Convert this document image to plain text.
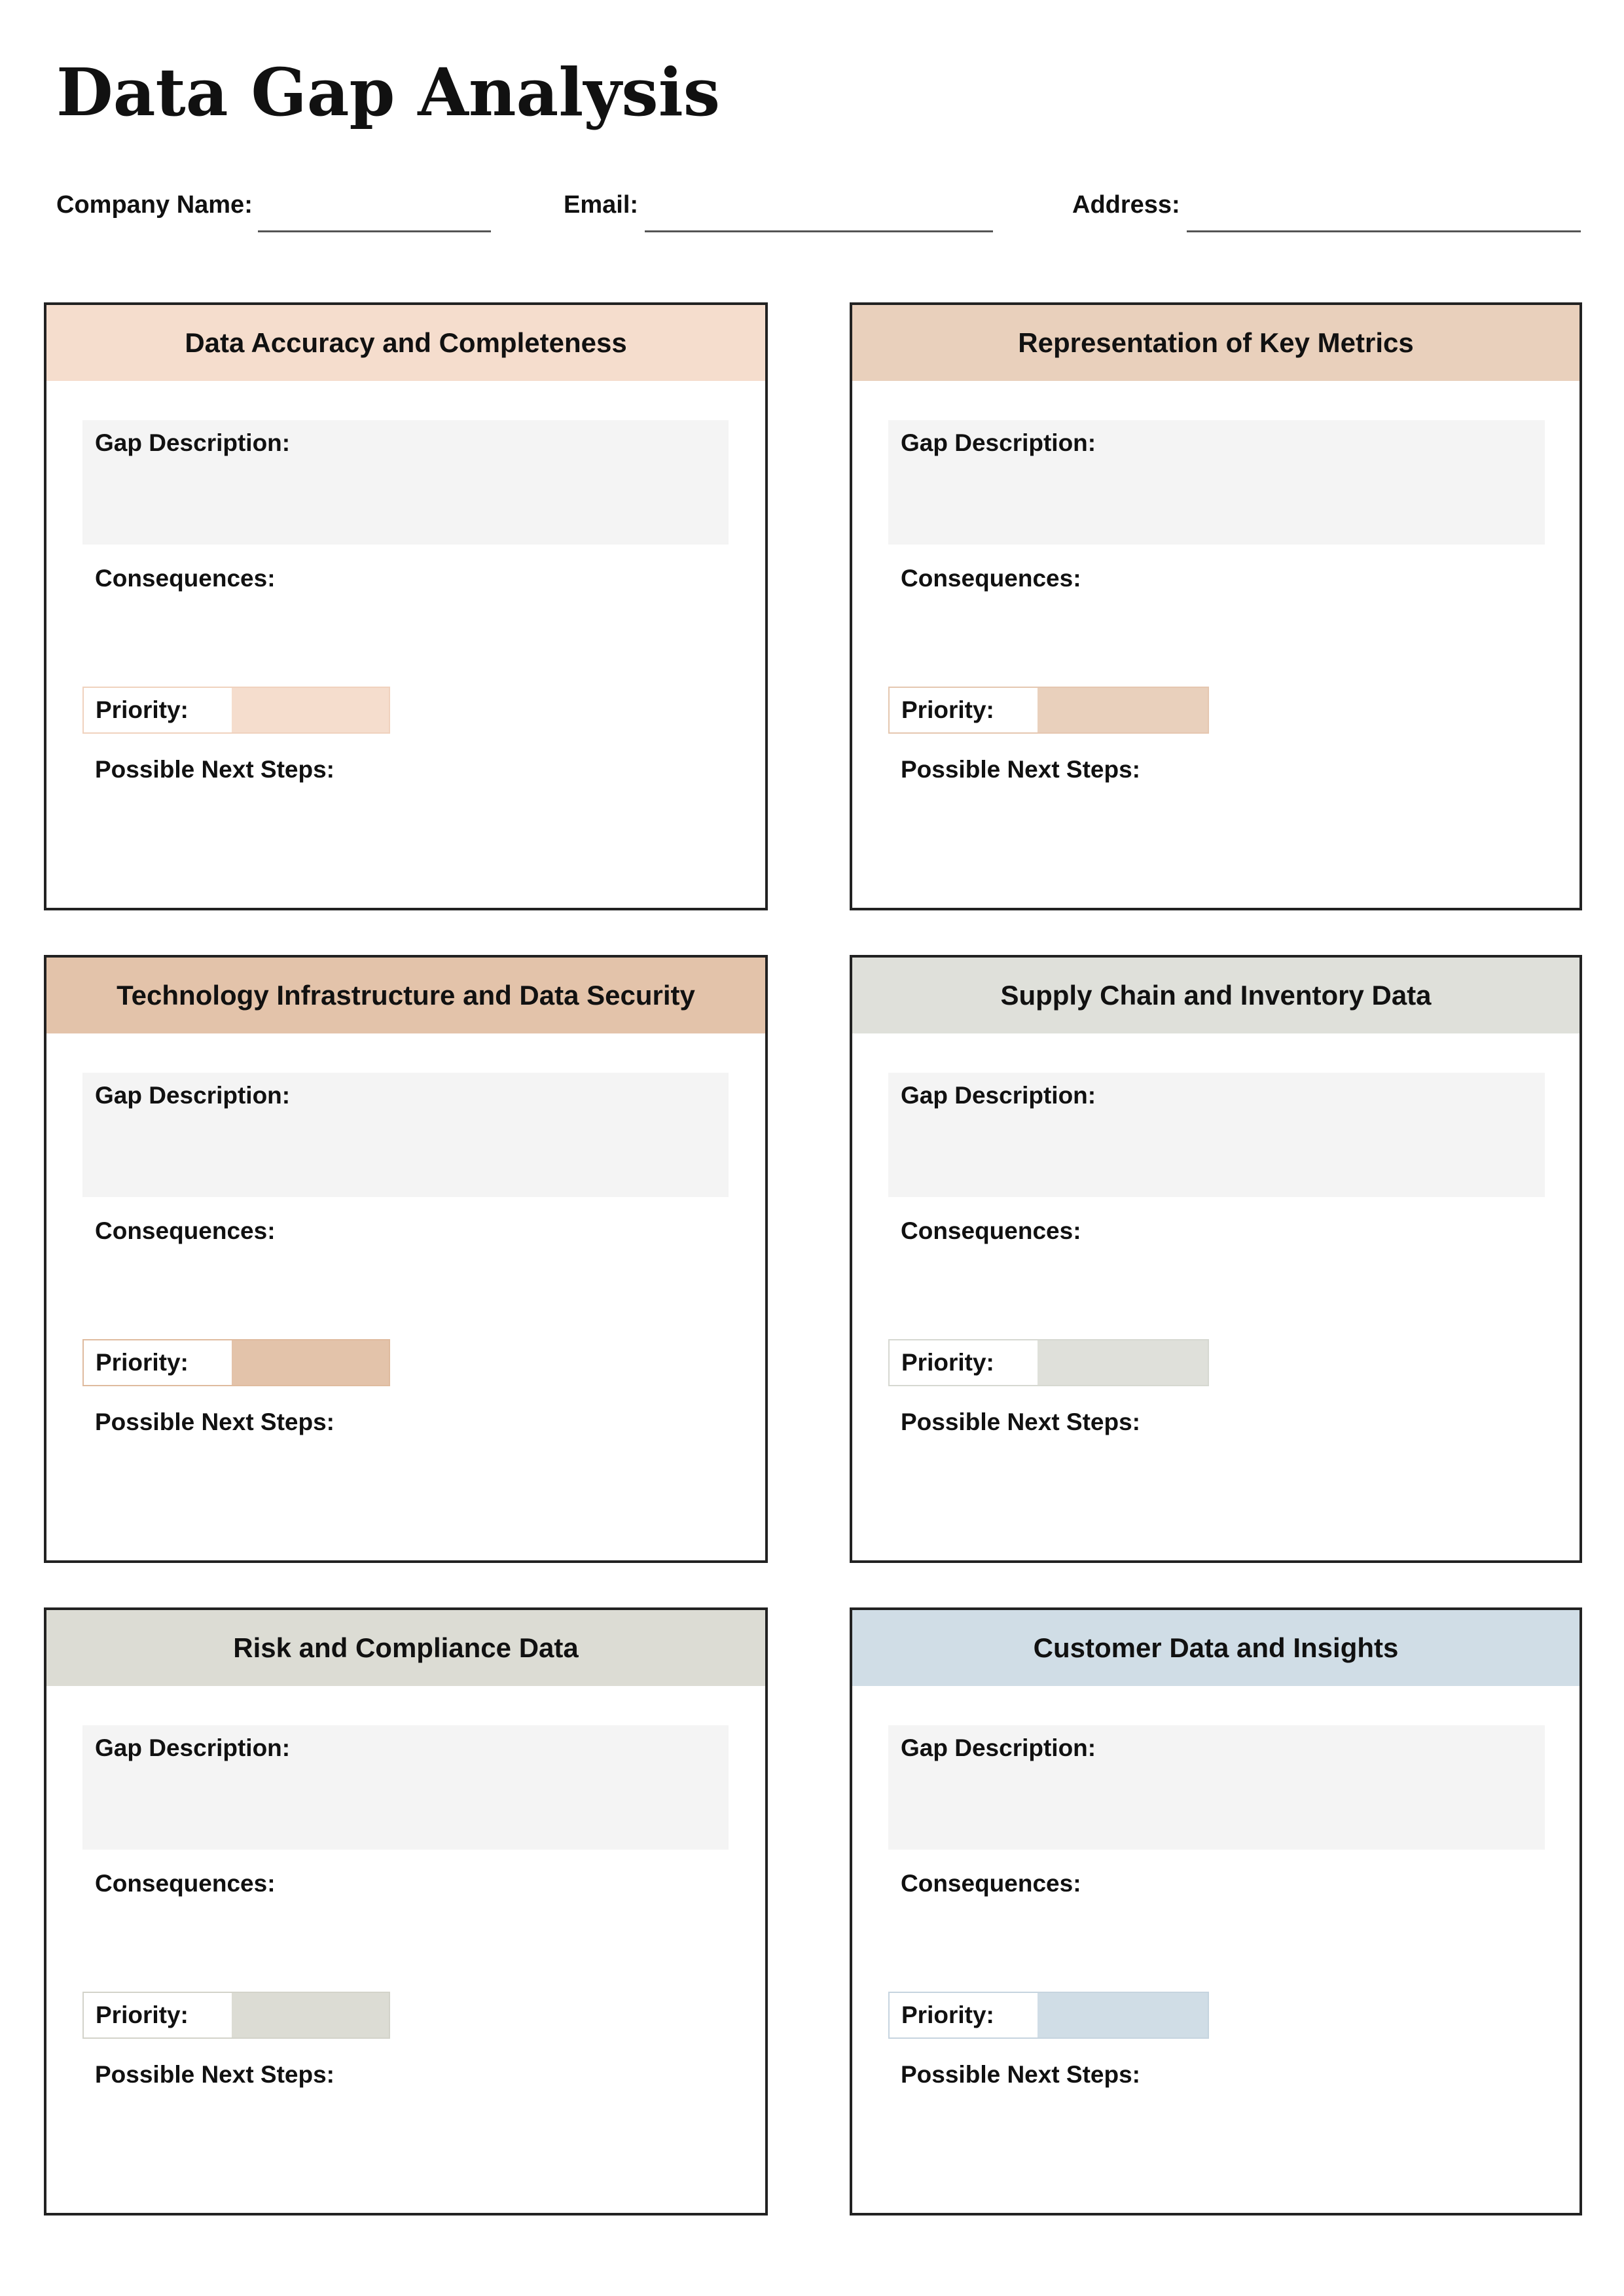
Data Gap Analysis
Company Name:	Email:	Address:
Data Accuracy and Completeness
Gap Description:
Consequences:
Priority:
Possible Next Steps:
Representation of Key Metrics
Gap Description:
Consequences:
Priority:
Possible Next Steps:
Technology Infrastructure and Data Security
Gap Description:
Consequences:
Priority:
Possible Next Steps:
Supply Chain and Inventory Data
Gap Description:
Consequences:
Priority:
Possible Next Steps:
Risk and Compliance Data
Gap Description:
Consequences:
Priority:
Possible Next Steps:
Customer Data and Insights
Gap Description:
Consequences:
Priority:
Possible Next Steps:
